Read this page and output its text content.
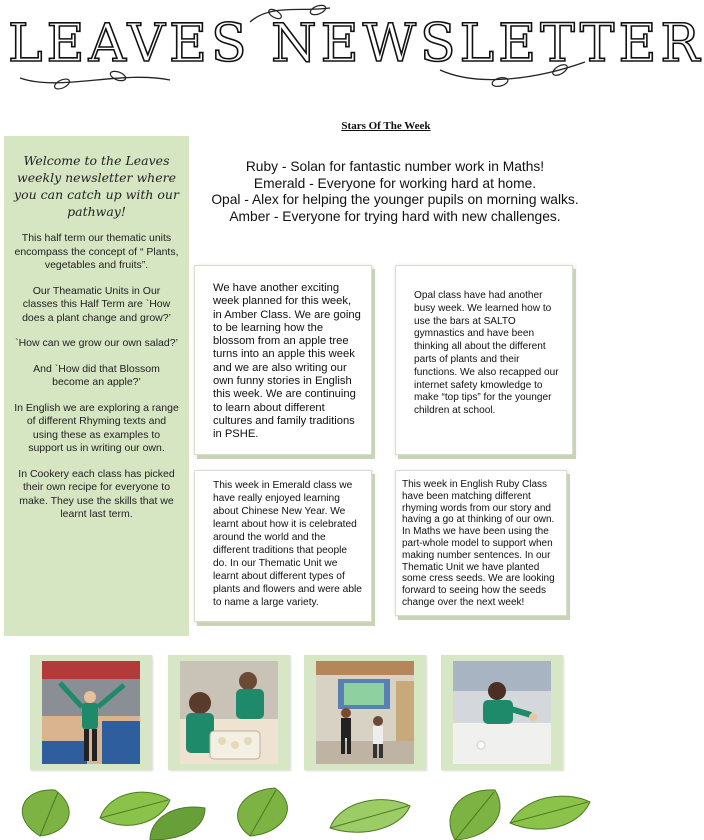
LEAVES NEWSLETTER
Welcome to the Leaves weekly newsletter where you can catch up with our pathway!

This half term our thematic units encompass the concept of “ Plants, vegetables and fruits”.

Our Theamatic Units in Our classes this Half Term are `How does a plant change and grow?’

`How can we grow our own salad?’

And `How did that Blossom become an apple?’

In English we are exploring a range of different Rhyming texts and using these as examples to support us in writing our own.

In Cookery each class has picked their own recipe for everyone to make. They use the skills that we learnt last term.

Stars Of The Week
Ruby - Solan for fantastic number work in Maths!
Emerald - Everyone for working hard at home.
Opal - Alex for helping the younger pupils on morning walks.
Amber - Everyone for trying hard with new challenges.
We have another exciting week planned for this week, in Amber Class. We are going to be learning how the blossom from an apple tree turns into an apple this week and we are also writing our own funny stories in English this week. We are continuing to learn about different cultures and family traditions in PSHE.
Opal class have had another busy week. We learned how to use the bars at SALTO gymnastics and have been thinking all about the different parts of plants and their functions. We also recapped our internet safety kmowledge to make “top tips” for the younger children at school.
This week in Emerald class we have really enjoyed learning about Chinese New Year. We learnt about how it is celebrated around the world and the different traditions that people do. In our Thematic Unit we learnt about different types of plants and flowers and were able to name a large variety.
This week in English Ruby Class have been matching different rhyming words from our story and having a go at thinking of our own. In Maths we have been using the part-whole model to support when making number sentences. In our Thematic Unit we have planted some cress seeds. We are looking forward to seeing how the seeds change over the next week!
